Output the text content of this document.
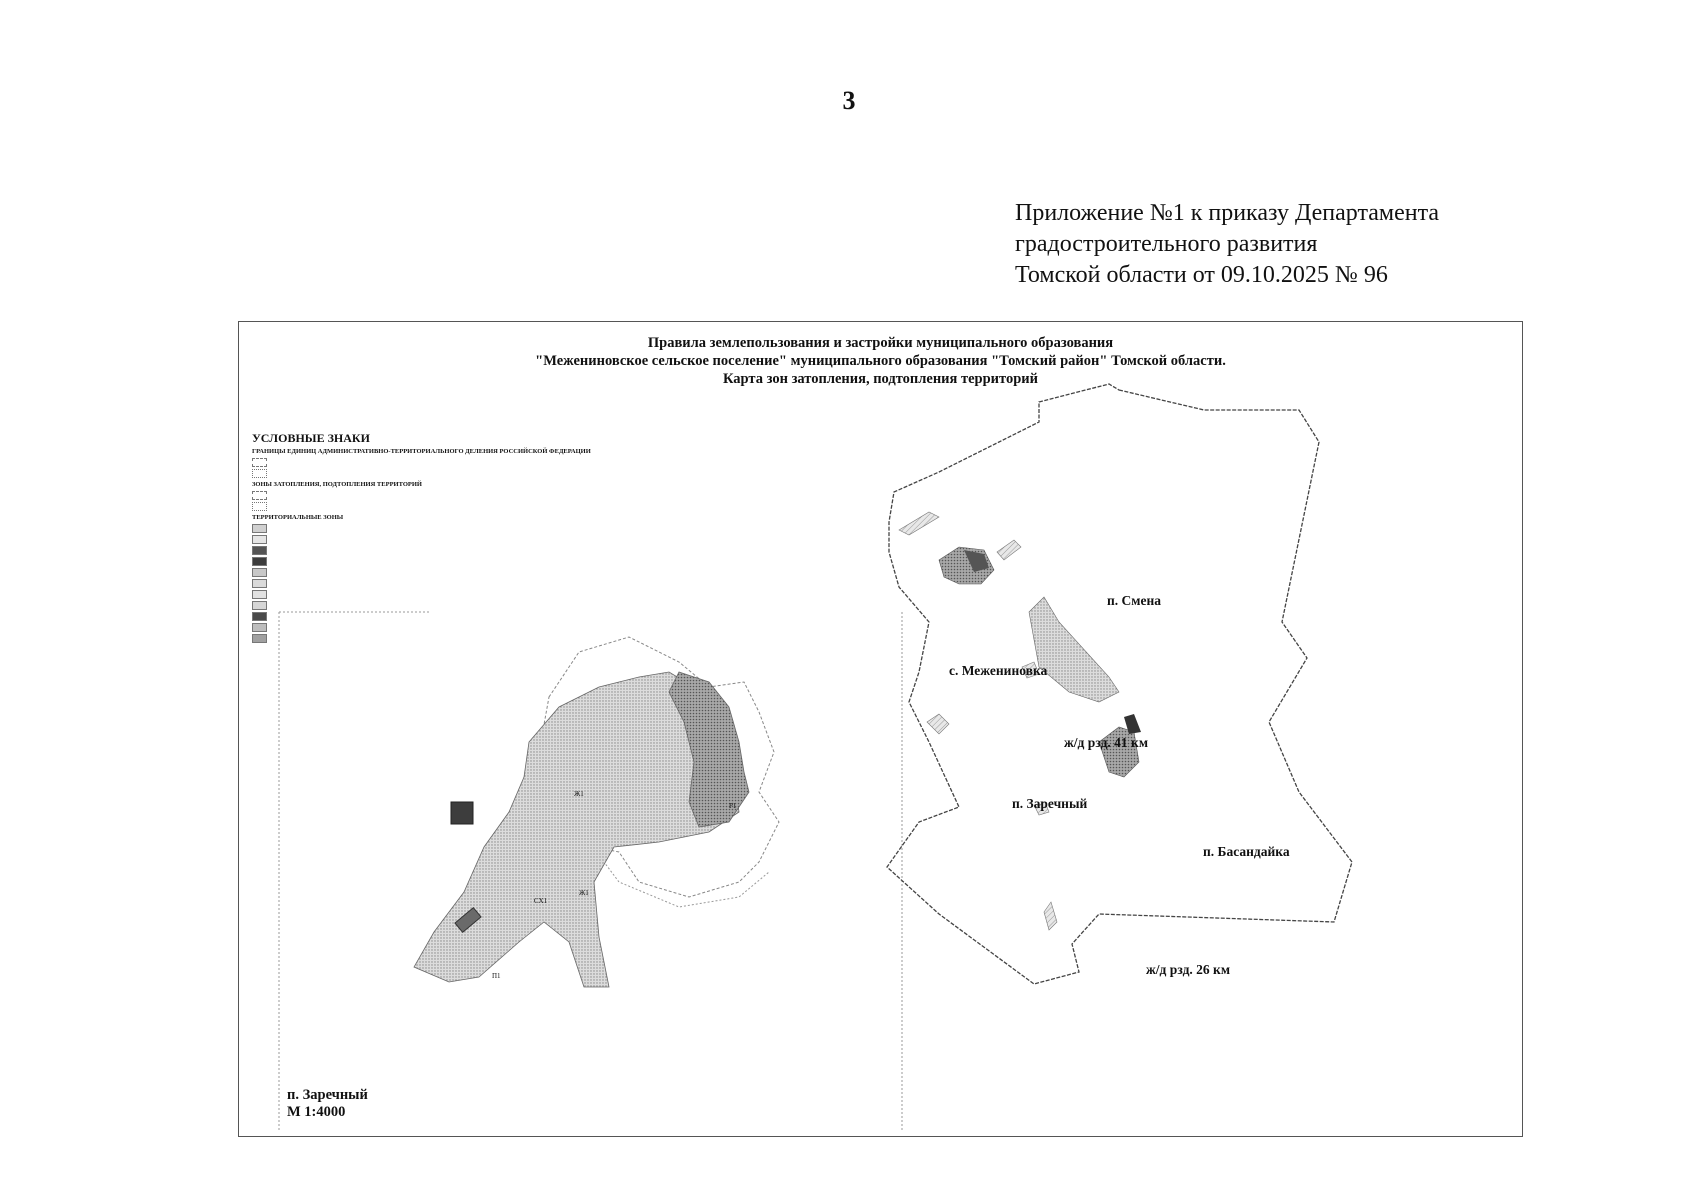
3
Приложение №1 к приказу Департамента
градостроительного развития
Томской области от 09.10.2025 № 96
Правила землепользования и застройки муниципального образования
"Межениновское сельское поселение" муниципального образования "Томский район" Томской области.
Карта зон затопления, подтопления территорий
УСЛОВНЫЕ ЗНАКИ
ГРАНИЦЫ ЕДИНИЦ АДМИНИСТРАТИВНО-ТЕРРИТОРИАЛЬНОГО ДЕЛЕНИЯ РОССИЙСКОЙ ФЕДЕРАЦИИ
ЗОНЫ ЗАТОПЛЕНИЯ, ПОДТОПЛЕНИЯ ТЕРРИТОРИЙ
ТЕРРИТОРИАЛЬНЫЕ ЗОНЫ
Ж1
Р1
СХ1
Ж1
П1
п. Заречный
М 1:4000
п. Смена
с. Межениновка
ж/д рзд. 41 км
п. Заречный
п. Басандайка
ж/д рзд. 26 км
